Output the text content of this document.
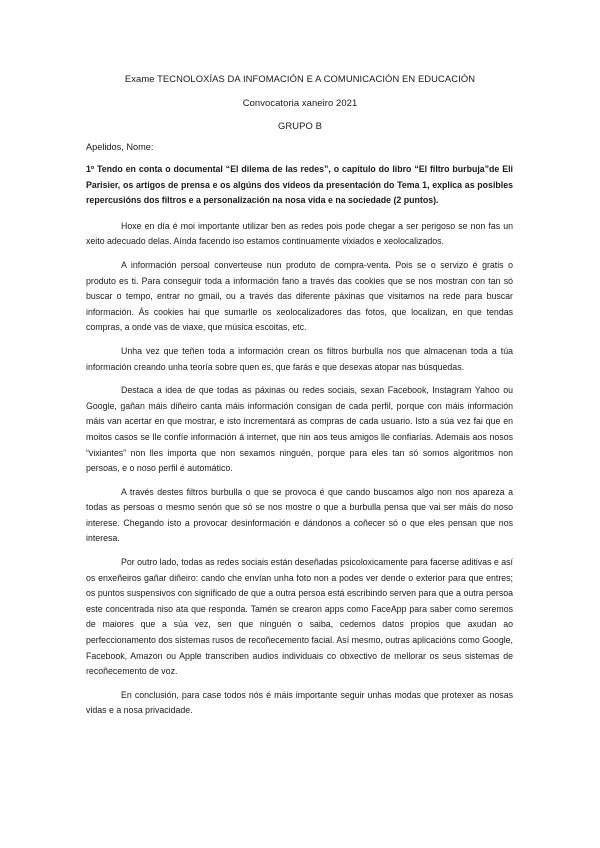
Exame TECNOLOXÍAS DA INFOMACIÓN E A COMUNICACIÓN EN EDUCACIÓN
Convocatoria xaneiro 2021
GRUPO B
Apelidos, Nome:

1º Tendo en conta o documental “El dilema de las redes”, o capítulo do libro “El filtro burbuja”de Eli Parisier, os artigos de prensa e os algúns dos vídeos da presentación do Tema 1, explica as posibles repercusións dos filtros e a personalización na nosa vida e na sociedade (2 puntos).

Hoxe en día é moi importante utilizar ben as redes pois pode chegar a ser perigoso se non fas un xeito adecuado delas. Aínda facendo iso estamos continuamente vixiados e xeolocalizados.

A información persoal converteuse nun produto de compra-venta. Pois se o servizo é gratis o produto es ti. Para conseguir toda a información fano a través das cookies que se nos mostran con tan só buscar o tempo, entrar no gmail, ou a través das diferente páxinas que visitamos na rede para buscar información. Ás cookies hai que sumarlle os xeolocalizadores das fotos, que localizan, en que tendas compras, a onde vas de viaxe, que música escoitas, etc.

Unha vez que teñen toda a información crean os filtros burbulla nos que almacenan toda a túa información creando unha teoría sobre quen es, que farás e que desexas atopar nas búsquedas.

Destaca a idea de que todas as páxinas ou redes sociais, sexan Facebook, Instagram Yahoo ou Google, gañan máis diñeiro canta máis información consigan de cada perfil, porque con máis información máis van acertar en que mostrar, e isto incrementará as compras de cada usuario. Isto a súa vez fai que en moitos casos se lle confíe información á internet, que nin aos teus amigos lle confiarías. Ademais aos nosos “vixiantes” non lles importa que non sexamos ninguén, porque para eles tan só somos algoritmos non persoas, e o noso perfil é automático.

A través destes filtros burbulla o que se provoca é que cando buscamos algo non nos apareza a todas as persoas o mesmo senón que só se nos mostre o que a burbulla pensa que vai ser máis do noso interese. Chegando isto a provocar desinformación e dándonos a coñecer só o que eles pensan que nos interesa.

Por outro lado, todas as redes sociais están deseñadas psicoloxicamente para facerse aditivas e así os enxeñeiros gañar diñeiro: cando che envían unha foto non a podes ver dende o exterior para que entres; os puntos suspensivos con significado de que a outra persoa está escribindo serven para que a outra persoa este concentrada niso ata que responda. Tamén se crearon apps como FaceApp para saber como seremos de maiores que a súa vez, sen que ninguén o saiba, cedemos datos propios que axudan ao perfeccionamento dos sistemas rusos de recoñecemento facial. Así mesmo, outras aplicacións como Google, Facebook, Amazon ou Apple transcriben audios individuais co obxectivo de mellorar os seus sistemas de recoñecemento de voz.

En conclusión, para case todos nós é máis importante seguir unhas modas que protexer as nosas vidas e a nosa privacidade.
